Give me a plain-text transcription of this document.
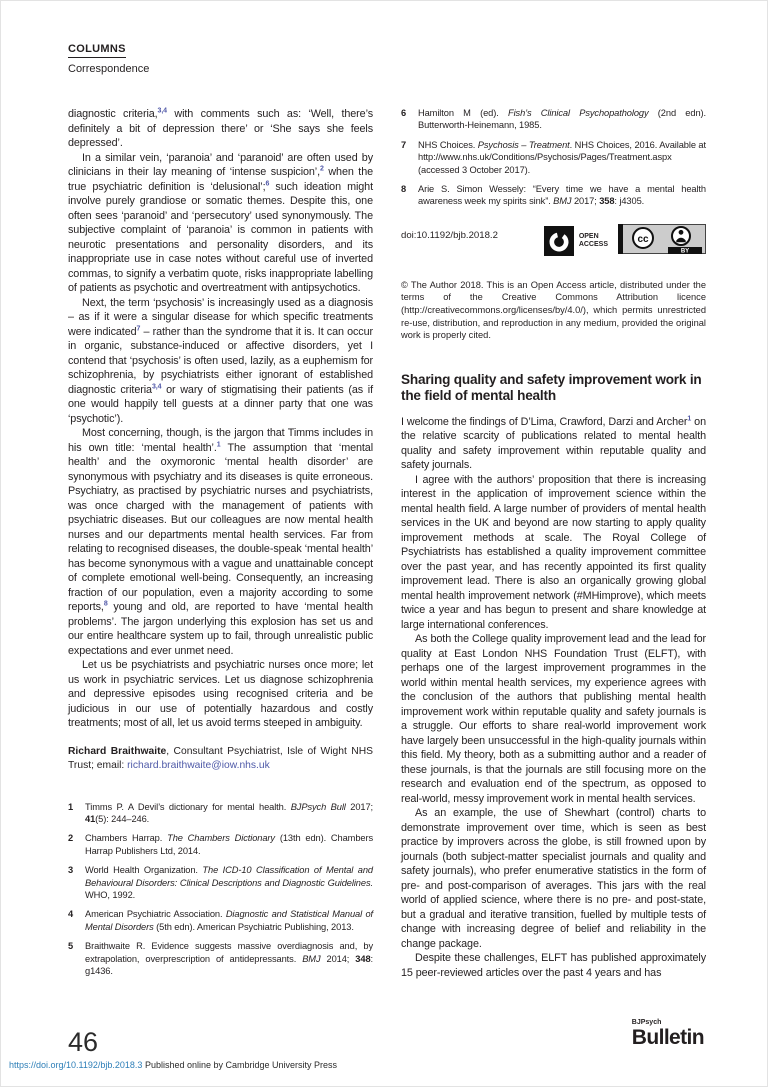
COLUMNS
Correspondence

diagnostic criteria,$^{3,4}$ with comments such as: ‘Well, there’s definitely a bit of depression there’ or ‘She says she feels depressed’.

In a similar vein, ‘paranoia’ and ‘paranoid’ are often used by clinicians in their lay meaning of ‘intense suspicion’,$^2$ when the true psychiatric definition is ‘delusional’;$^6$ such ideation might involve purely grandiose or somatic themes. Despite this, one often sees ‘paranoid’ and ‘persecutory’ used synonymously. The subjective complaint of ‘paranoia’ is common in patients with neurotic presentations and personality disorders, and its inappropriate use in case notes without careful use of inverted commas, to signify a verbatim quote, risks inappropriate labelling of patients as psychotic and overtreatment with antipsychotics.

Next, the term ‘psychosis’ is increasingly used as a diagnosis – as if it were a singular disease for which specific treatments were indicated$^7$ – rather than the syndrome that it is. It can occur in organic, substance-induced or affective disorders, yet I contend that ‘psychosis’ is often used, lazily, as a euphemism for schizophrenia, by psychiatrists either ignorant of established diagnostic criteria$^{3,4}$ or wary of stigmatising their patients (as if one would happily tell guests at a dinner party that one was ‘psychotic’).

Most concerning, though, is the jargon that Timms includes in his own title: ‘mental health’.$^1$ The assumption that ‘mental health’ and the oxymoronic ‘mental health disorder’ are synonymous with psychiatry and its diseases is quite erroneous. Psychiatry, as practised by psychiatric nurses and psychiatrists, was once charged with the management of patients with psychiatric diseases. But our colleagues are now mental health nurses and our departments mental health services. Far from relating to recognised diseases, the double-speak ‘mental health’ has become synonymous with a vague and unattainable concept of complete emotional well-being. Consequently, an increasing fraction of our population, even a majority according to some reports,$^8$ young and old, are reported to have ‘mental health problems’. The jargon underlying this explosion has set us and our entire healthcare system up to fail, through unrealistic public expectations and ever unmet need.

Let us be psychiatrists and psychiatric nurses once more; let us work in psychiatric services. Let us diagnose schizophrenia and depressive episodes using recognised criteria and be judicious in our use of potentially hazardous and costly treatments; most of all, let us avoid terms steeped in ambiguity.

Richard Braithwaite, Consultant Psychiatrist, Isle of Wight NHS Trust; email: richard.braithwaite@iow.nhs.uk

1 Timms P. A Devil’s dictionary for mental health. BJPsych Bull 2017; 41(5): 244–246.
2 Chambers Harrap. The Chambers Dictionary (13th edn). Chambers Harrap Publishers Ltd, 2014.
3 World Health Organization. The ICD-10 Classification of Mental and Behavioural Disorders: Clinical Descriptions and Diagnostic Guidelines. WHO, 1992.
4 American Psychiatric Association. Diagnostic and Statistical Manual of Mental Disorders (5th edn). American Psychiatric Publishing, 2013.
5 Braithwaite R. Evidence suggests massive overdiagnosis and, by extrapolation, overprescription of antidepressants. BMJ 2014; 348: g1436.
6 Hamilton M (ed). Fish’s Clinical Psychopathology (2nd edn). Butterworth-Heinemann, 1985.
7 NHS Choices. Psychosis – Treatment. NHS Choices, 2016. Available at http://www.nhs.uk/Conditions/Psychosis/Pages/Treatment.aspx (accessed 3 October 2017).
8 Arie S. Simon Wessely: “Every time we have a mental health awareness week my spirits sink”. BMJ 2017; 358: j4305.
doi:10.1192/bjb.2018.2	OPEN
ACCESS	cc
BY

© The Author 2018. This is an Open Access article, distributed under the terms of the Creative Commons Attribution licence (http://creativecommons.org/licenses/by/4.0/), which permits unrestricted re-use, distribution, and reproduction in any medium, provided the original work is properly cited.

Sharing quality and safety improvement work in the field of mental health

I welcome the findings of D’Lima, Crawford, Darzi and Archer$^1$ on the relative scarcity of publications related to mental health quality and safety improvement within reputable quality and safety journals.

I agree with the authors’ proposition that there is increasing interest in the application of improvement science within the mental health field. A large number of providers of mental health services in the UK and beyond are now starting to apply quality improvement methods at scale. The Royal College of Psychiatrists has established a quality improvement committee over the past year, and has recently appointed its first quality improvement lead. There is also an organically growing global mental health improvement network (#MHimprove), which meets twice a year and has begun to present and share knowledge at large international conferences.

As both the College quality improvement lead and the lead for quality at East London NHS Foundation Trust (ELFT), with perhaps one of the largest improvement programmes in the world within mental health services, my experience agrees with the conclusion of the authors that publishing mental health improvement work within reputable quality and safety journals is a struggle. Our efforts to share real-world improvement work have largely been unsuccessful in the high-quality journals within this field. My theory, both as a submitting author and a reader of these journals, is that the journals are still focusing more on the research and evaluation end of the spectrum, as opposed to real-world, messy improvement work in mental health services.

As an example, the use of Shewhart (control) charts to demonstrate improvement over time, which is seen as best practice by improvers across the globe, is still frowned upon by journals (both subject-matter specialist journals and quality and safety journals), who prefer enumerative statistics in the form of pre- and post-comparison of averages. This jars with the real world of applied science, where there is no pre- and post-state, but a gradual and iterative transition, fuelled by multiple tests of change with increasing degree of belief and reliability in the change package.

Despite these challenges, ELFT has published approximately 15 peer-reviewed articles over the past 4 years and has

46
BJPsych
Bulletin
https://doi.org/10.1192/bjb.2018.3 Published online by Cambridge University Press
